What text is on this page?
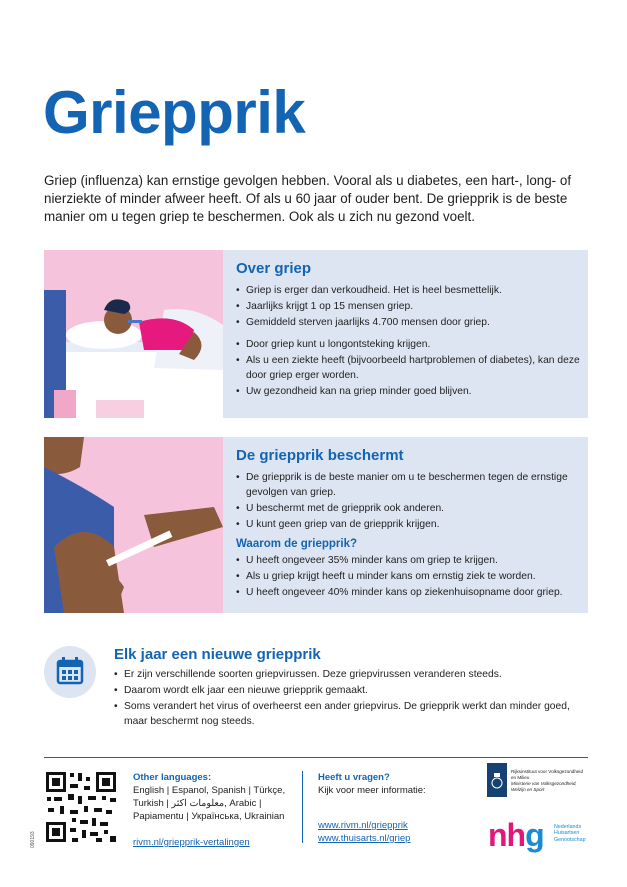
Griepprik

Griep (influenza) kan ernstige gevolgen hebben. Vooral als u diabetes, een hart-, long- of nierziekte of minder afweer heeft. Of als u 60 jaar of ouder bent. De griepprik is de beste manier om u tegen griep te beschermen. Ook als u zich nu gezond voelt.

Over griep
• Griep is erger dan verkoudheid. Het is heel besmettelijk.
• Jaarlijks krijgt 1 op 15 mensen griep.
• Gemiddeld sterven jaarlijks 4.700 mensen door griep.
• Door griep kunt u longontsteking krijgen.
• Als u een ziekte heeft (bijvoorbeeld hartproblemen of diabetes), kan deze door griep erger worden.
• Uw gezondheid kan na griep minder goed blijven.
De griepprik beschermt
• De griepprik is de beste manier om u te beschermen tegen de ernstige gevolgen van griep.
• U beschermt met de griepprik ook anderen.
• U kunt geen griep van de griepprik krijgen.
Waarom de griepprik?
• U heeft ongeveer 35% minder kans om griep te krijgen.
• Als u griep krijgt heeft u minder kans om ernstig ziek te worden.
• U heeft ongeveer 40% minder kans op ziekenhuisopname door griep.
Elk jaar een nieuwe griepprik
• Er zijn verschillende soorten griepvirussen. Deze griepvirussen veranderen steeds.
• Daarom wordt elk jaar een nieuwe griepprik gemaakt.
• Soms verandert het virus of overheerst een ander griepvirus. De griepprik werkt dan minder goed, maar beschermt nog steeds.
090193
Other languages:
English | Espanol, Spanish | Türkçe,
Turkish | معلومات اكثر, Arabic |
Papiamentu | Українська, Ukrainian
rivm.nl/griepprik-vertalingen
Heeft u vragen?
Kijk voor meer informatie:
www.rivm.nl/griepprik
www.thuisarts.nl/griep
Rijksinstituut voor Volksgezondheid
en Milieu
Ministerie van Volksgezondheid,
Welzijn en Sport
nhg Nederlands
Huisartsen
Genootschap
